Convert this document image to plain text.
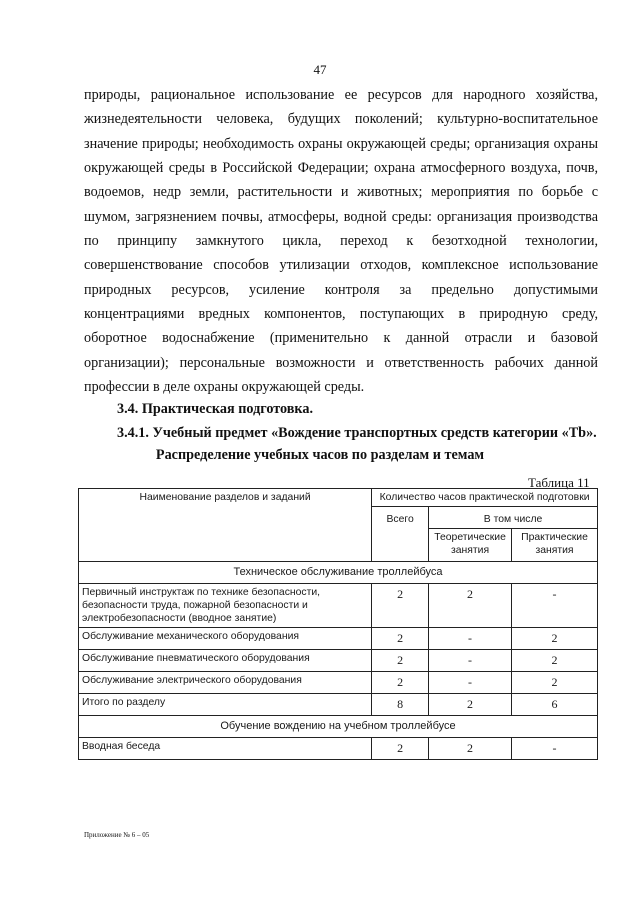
47

природы, рациональное использование ее ресурсов для народного хозяйства, жизнедеятельности человека, будущих поколений; культурно-воспитательное значение природы; необходимость охраны окружающей среды; организация охраны окружающей среды в Российской Федерации; охрана атмосферного воздуха, почв, водоемов, недр земли, растительности и животных; мероприятия по борьбе с шумом, загрязнением почвы, атмосферы, водной среды: организация производства по принципу замкнутого цикла, переход к безотходной технологии, совершенствование способов утилизации отходов, комплексное использование природных ресурсов, усиление контроля за предельно допустимыми концентрациями вредных компонентов, поступающих в природную среду, оборотное водоснабжение (применительно к данной отрасли и базовой организации); персональные возможности и ответственность рабочих данной профессии в деле охраны окружающей среды.

3.4. Практическая подготовка.
3.4.1. Учебный предмет «Вождение транспортных средств категории «Tb».
Распределение учебных часов по разделам и темам
Таблица 11
Наименование разделов и заданий	Количество часов практической подготовки		
	Всего	В том числе	
		Теоретические занятия	Практические занятия
Техническое обслуживание троллейбуса			
Первичный инструктаж по технике безопасности, безопасности труда, пожарной безопасности и электробезопасности (вводное занятие)	2	2	-
Обслуживание механического оборудования	2	-	2
Обслуживание пневматического оборудования	2	-	2
Обслуживание электрического оборудования	2	-	2
Итого по разделу	8	2	6
Обучение вождению на учебном троллейбусе			
Вводная беседа	2	2	-
Приложение № 6 – 05
